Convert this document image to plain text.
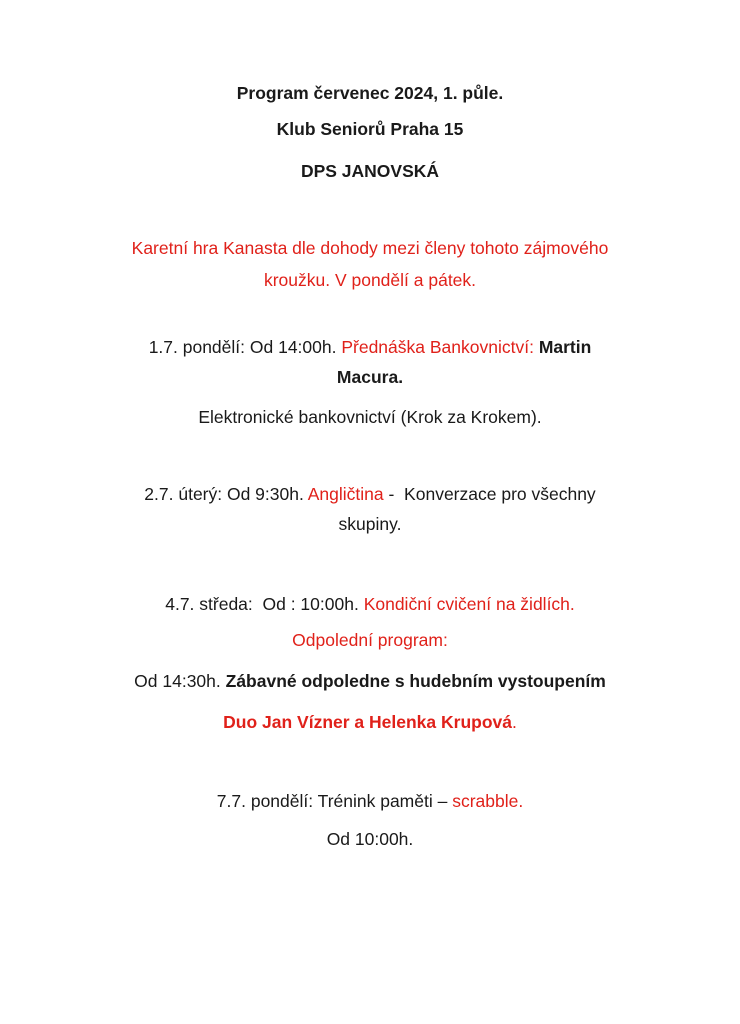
Program červenec 2024, 1. půle.
Klub Seniorů Praha 15
DPS JANOVSKÁ
Karetní hra Kanasta dle dohody mezi členy tohoto zájmového
kroužku. V pondělí a pátek.
1.7. pondělí: Od 14:00h. Přednáška Bankovnictví: Martin
Macura.
Elektronické bankovnictví (Krok za Krokem).
2.7. úterý: Od 9:30h. Angličtina -  Konverzace pro všechny
skupiny.
4.7. středa:  Od : 10:00h. Kondiční cvičení na židlích.
Odpolední program:
Od 14:30h. Zábavné odpoledne s hudebním vystoupením
Duo Jan Vízner a Helenka Krupová.
7.7. pondělí: Trénink paměti – scrabble.
Od 10:00h.
